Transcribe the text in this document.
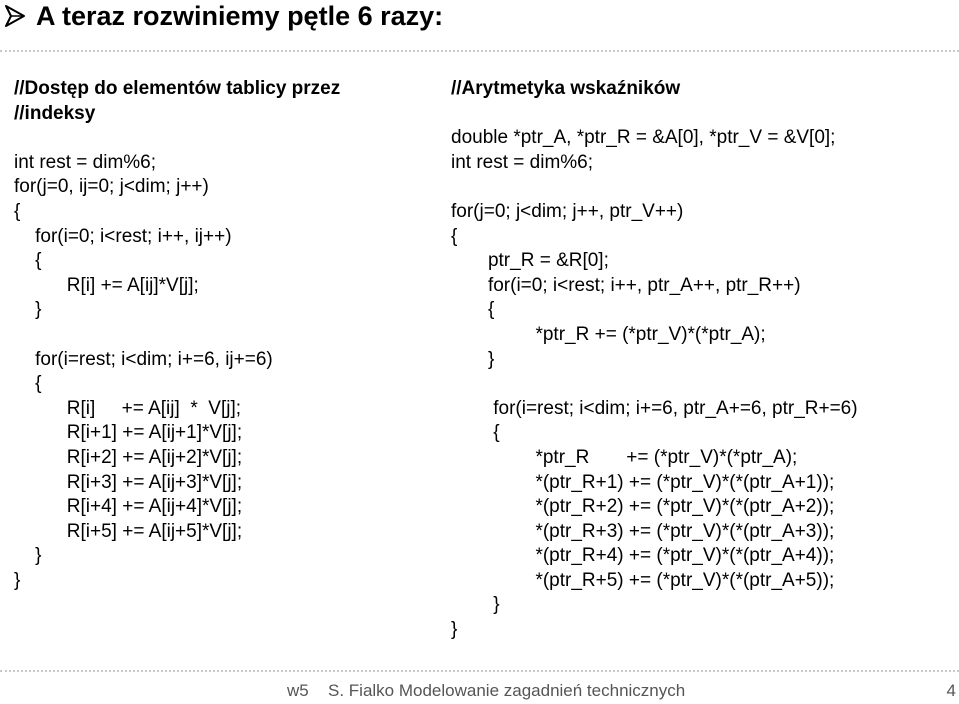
A teraz rozwiniemy pętle 6 razy:
//Dostęp do elementów tablicy przez
//indeksy
int rest = dim%6;
for(j=0, ij=0; j<dim; j++)
{
for(i=0; i<rest; i++, ij++)
{
R[i] += A[ij]*V[j];
}
for(i=rest; i<dim; i+=6, ij+=6)
{
R[i]     += A[ij]  *  V[j];
R[i+1] += A[ij+1]*V[j];
R[i+2] += A[ij+2]*V[j];
R[i+3] += A[ij+3]*V[j];
R[i+4] += A[ij+4]*V[j];
R[i+5] += A[ij+5]*V[j];
}
}
//Arytmetyka wskaźników
double *ptr_A, *ptr_R = &A[0], *ptr_V = &V[0];
int rest = dim%6;
for(j=0; j<dim; j++, ptr_V++)
{
ptr_R = &R[0];
for(i=0; i<rest; i++, ptr_A++, ptr_R++)
{
*ptr_R += (*ptr_V)*(*ptr_A);
}
for(i=rest; i<dim; i+=6, ptr_A+=6, ptr_R+=6)
{
*ptr_R       += (*ptr_V)*(*ptr_A);
*(ptr_R+1) += (*ptr_V)*(*(ptr_A+1));
*(ptr_R+2) += (*ptr_V)*(*(ptr_A+2));
*(ptr_R+3) += (*ptr_V)*(*(ptr_A+3));
*(ptr_R+4) += (*ptr_V)*(*(ptr_A+4));
*(ptr_R+5) += (*ptr_V)*(*(ptr_A+5));
}
}
w5 S. Fialko Modelowanie zagadnień technicznych	4
